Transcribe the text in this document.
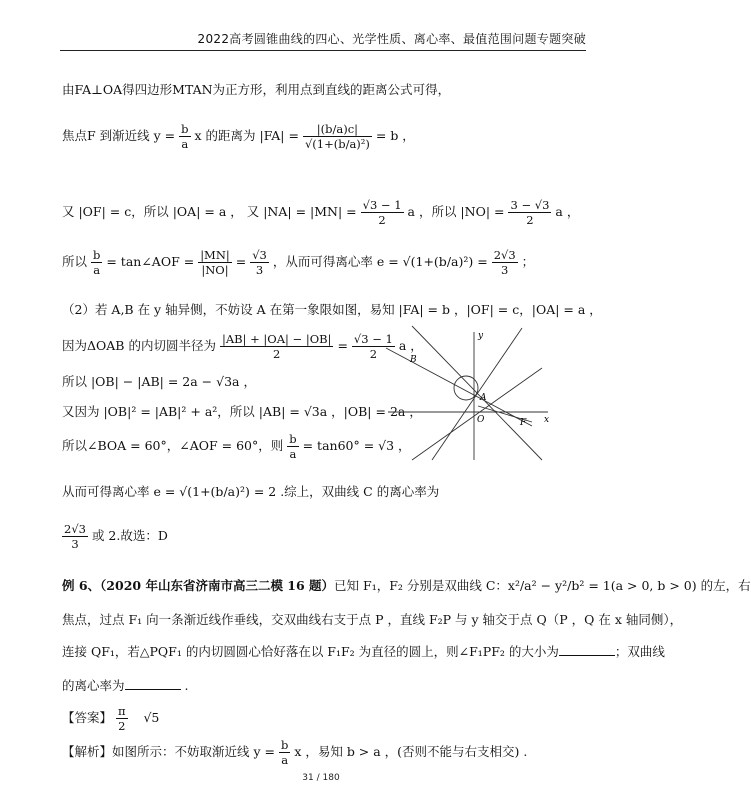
2022高考圆锥曲线的四心、光学性质、离心率、最值范围问题专题突破
由FA⊥OA得四边形MTAN为正方形，利用点到直线的距离公式可得，
焦点F 到渐近线 $y = \frac{b}{a}$ x 的距离为 $|FA| = \frac{|(b/a)c|}{\text{√(1+(b/a)²)}} = b$ ，
又 |OF| = c，所以 |OA| = a ， 又 $|NA| = |MN| = \frac{√3 - 1}{2}$ a ，所以 $|NO| = \frac{3 - √3}{2}$ a ，
所以 $\frac{b}{a}$ = tan∠AOF = $\frac{|MN|}{|NO|} = \frac{√3}{3}$ ，从而可得离心率 $e = √(1+(b/a)^2) = \frac{2√3}{3}$ ；
（2）若 A,B 在 y 轴异侧，不妨设 A 在第一象限如图，易知 |FA| = b ，|OF| = c，|OA| = a ，
因为ΔOAB 的内切圆半径为 $\frac{|AB| + |OA| - |OB|}{2} = \frac{√3 - 1}{2}$ a ，
所以 |OB| − |AB| = 2a − √3a ，
又因为 |OB|² = |AB|² + a²，所以 |AB| = √3a ，|OB| = 2a ，
所以∠BOA = 60°，∠AOF = 60°，则 $\frac{b}{a} = \tan 60^\circ = √3$ ，
从而可得离心率 e = √(1+(b/a)²) = 2 .综上，双曲线 C 的离心率为
$\frac{2√3}{3}$ 或 2.故选：D
例 6、（2020 年山东省济南市高三二模 16 题）已知 F₁，F₂ 分别是双曲线 C：x²/a² − y²/b² = 1(a > 0, b > 0) 的左，右
焦点，过点 F₁ 向一条渐近线作垂线，交双曲线右支于点 P ，直线 F₂P 与 y 轴交于点 Q（P ，Q 在 x 轴同侧），
连接 QF₁，若△PQF₁ 的内切圆圆心恰好落在以 F₁F₂ 为直径的圆上，则∠F₁PF₂ 的大小为	；双曲线
的离心率为	.
【答案】 $\frac{\pi}{2} √5$
【解析】如图所示：不妨取渐近线 $y = \frac{b}{a}$ x ，易知 b > a ，(否则不能与右支相交) .
y
x
B
A
O	F
31 / 180
